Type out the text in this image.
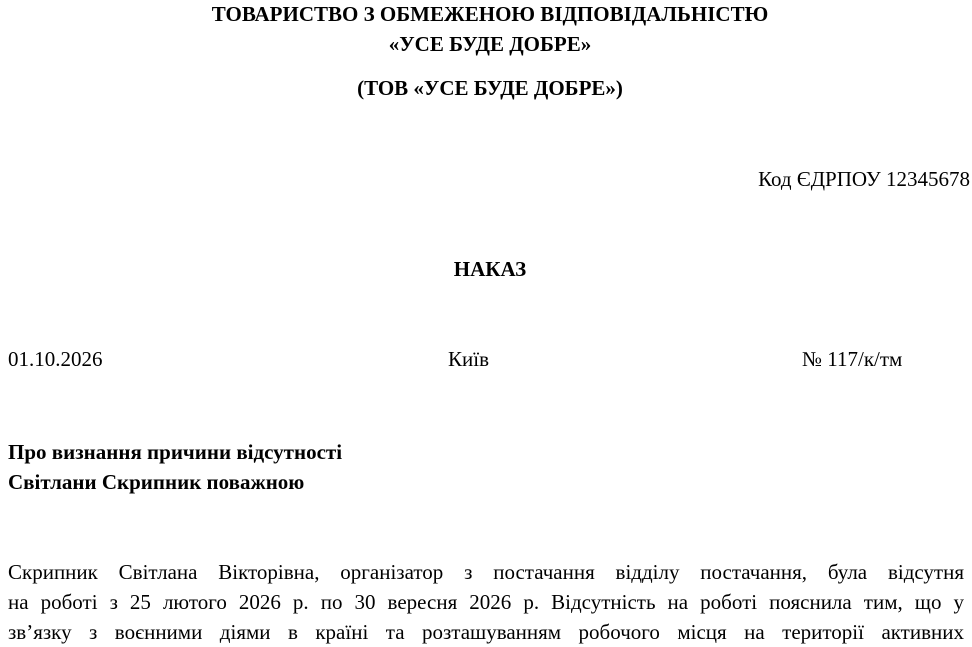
ТОВАРИСТВО З ОБМЕЖЕНОЮ ВІДПОВІДАЛЬНІСТЮ
«УСЕ БУДЕ ДОБРЕ»
(ТОВ «УСЕ БУДЕ ДОБРЕ»)
Код ЄДРПОУ 12345678
НАКАЗ
01.10.2026	Київ	№ 117/к/тм
Про визнання причини відсутності
Світлани Скрипник поважною
Скрипник Світлана Вікторівна, організатор з постачання відділу постачання, була відсутня
на роботі з 25 лютого 2026 р. по 30 вересня 2026 р. Відсутність на роботі пояснила тим, що у
зв’язку з воєнними діями в країні та розташуванням робочого місця на території активних
